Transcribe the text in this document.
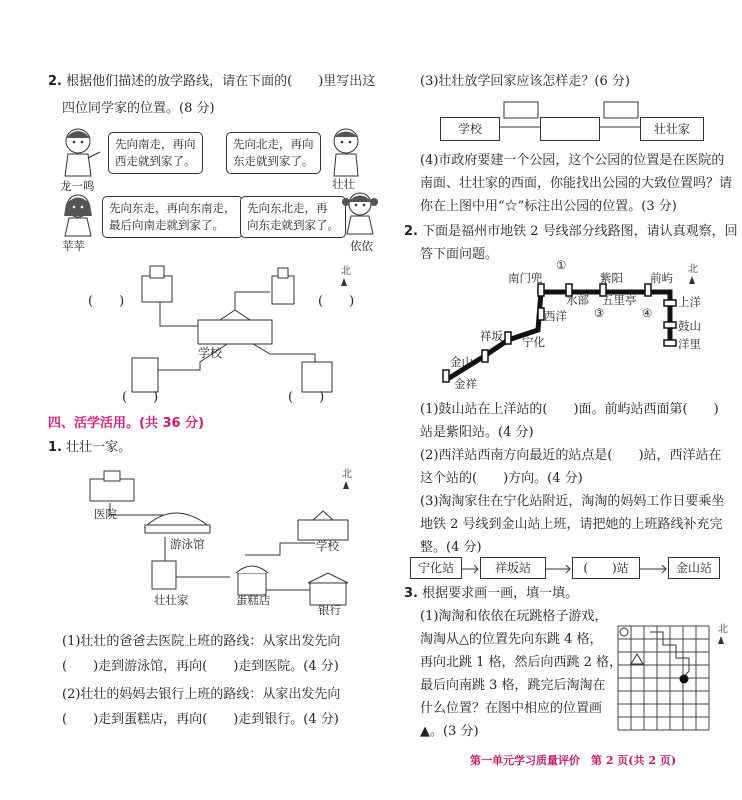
2. 根据他们描述的放学路线，请在下面的(　　)里写出这
四位同学家的位置。(8 分)
先向南走，再向
西走就到家了。
龙一鸣
先向北走，再向
东走就到家了。
壮壮
先向东走，再向东南走，
最后向南走就到家了。
苹苹
先向东北走，再
向东走就到家了。
依依
北
学校
(　　)	(　　)
(　　)	(　　)
四、活学活用。(共 36 分)
1. 壮壮一家。
北
医院
游泳馆	学校
壮壮家	蛋糕店
银行
(1)壮壮的爸爸去医院上班的路线：从家出发先向
(　　)走到游泳馆，再向(　　)走到医院。(4 分)
(2)壮壮的妈妈去银行上班的路线：从家出发先向
(　　)走到蛋糕店，再向(　　)走到银行。(4 分)
(3)壮壮放学回家应该怎样走？(6 分)
学校	壮壮家
(4)市政府要建一个公园，这个公园的位置是在医院的
南面、壮壮家的西面，你能找出公园的大致位置吗？请
你在上图中用“☆”标注出公园的位置。(3 分)
2. 下面是福州市地铁 2 号线部分线路图，请认真观察，回
答下面问题。
北
南门兜
①
水部
紫阳
五里亭
前屿
上洋
鼓山
洋里
西洋 ③	④
祥坂 宁化
金山
金祥
(1)鼓山站在上洋站的(　　)面。前屿站西面第(　　)
站是紫阳站。(4 分)
(2)西洋站西南方向最近的站点是(　　)站，西洋站在
这个站的(　　)方向。(4 分)
(3)淘淘家住在宁化站附近，淘淘的妈妈工作日要乘坐
地铁 2 号线到金山站上班，请把她的上班路线补充完
整。(4 分)
宁化站	祥坂站	(　　)站	金山站
3. 根据要求画一画，填一填。
(1)淘淘和依依在玩跳格子游戏，
淘淘从△的位置先向东跳 4 格，
再向北跳 1 格，然后向西跳 2 格，
最后向南跳 3 格，跳完后淘淘在
什么位置？在图中相应的位置画
▲。(3 分)
北
第一单元学习质量评价　第 2 页(共 2 页)
